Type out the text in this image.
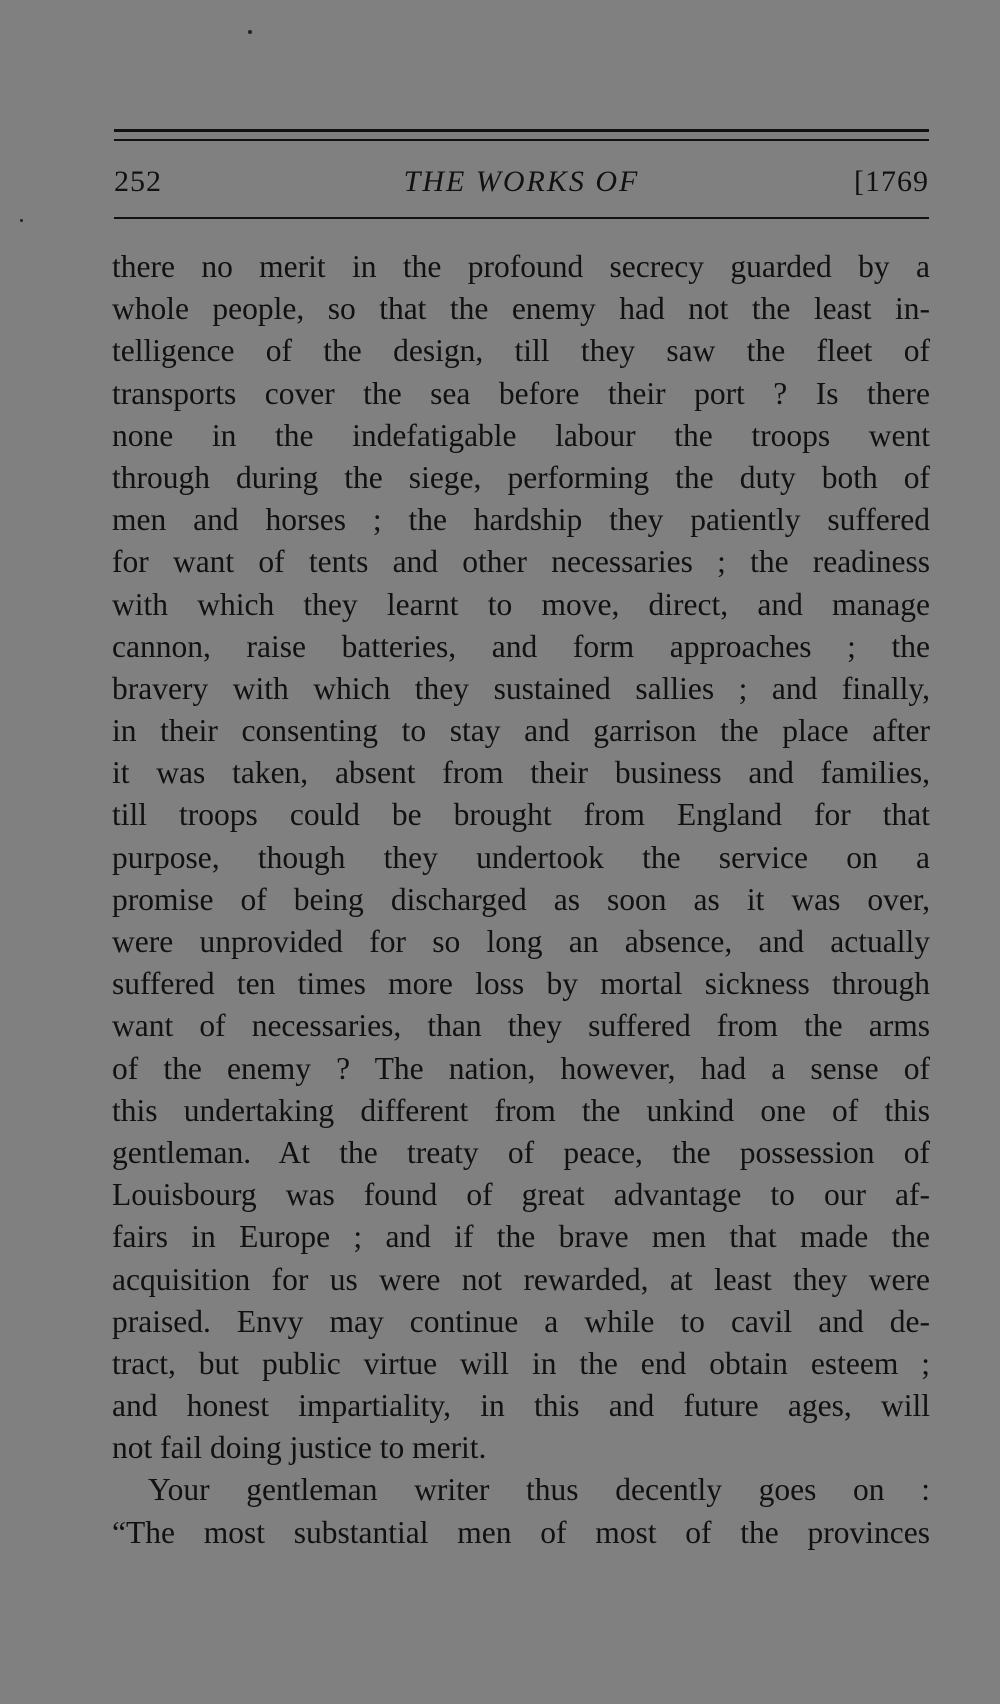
252	THE WORKS OF	[1769
there no merit in the profound secrecy guarded by a
whole people, so that the enemy had not the least in-
telligence of the design, till they saw the fleet of
transports cover the sea before their port ? Is there
none in the indefatigable labour the troops went
through during the siege, performing the duty both of
men and horses ; the hardship they patiently suffered
for want of tents and other necessaries ; the readiness
with which they learnt to move, direct, and manage
cannon, raise batteries, and form approaches ; the
bravery with which they sustained sallies ; and finally,
in their consenting to stay and garrison the place after
it was taken, absent from their business and families,
till troops could be brought from England for that
purpose, though they undertook the service on a
promise of being discharged as soon as it was over,
were unprovided for so long an absence, and actually
suffered ten times more loss by mortal sickness through
want of necessaries, than they suffered from the arms
of the enemy ? The nation, however, had a sense of
this undertaking different from the unkind one of this
gentleman. At the treaty of peace, the possession of
Louisbourg was found of great advantage to our af-
fairs in Europe ; and if the brave men that made the
acquisition for us were not rewarded, at least they were
praised. Envy may continue a while to cavil and de-
tract, but public virtue will in the end obtain esteem ;
and honest impartiality, in this and future ages, will
not fail doing justice to merit.
Your gentleman writer thus decently goes on :
“The most substantial men of most of the provinces
